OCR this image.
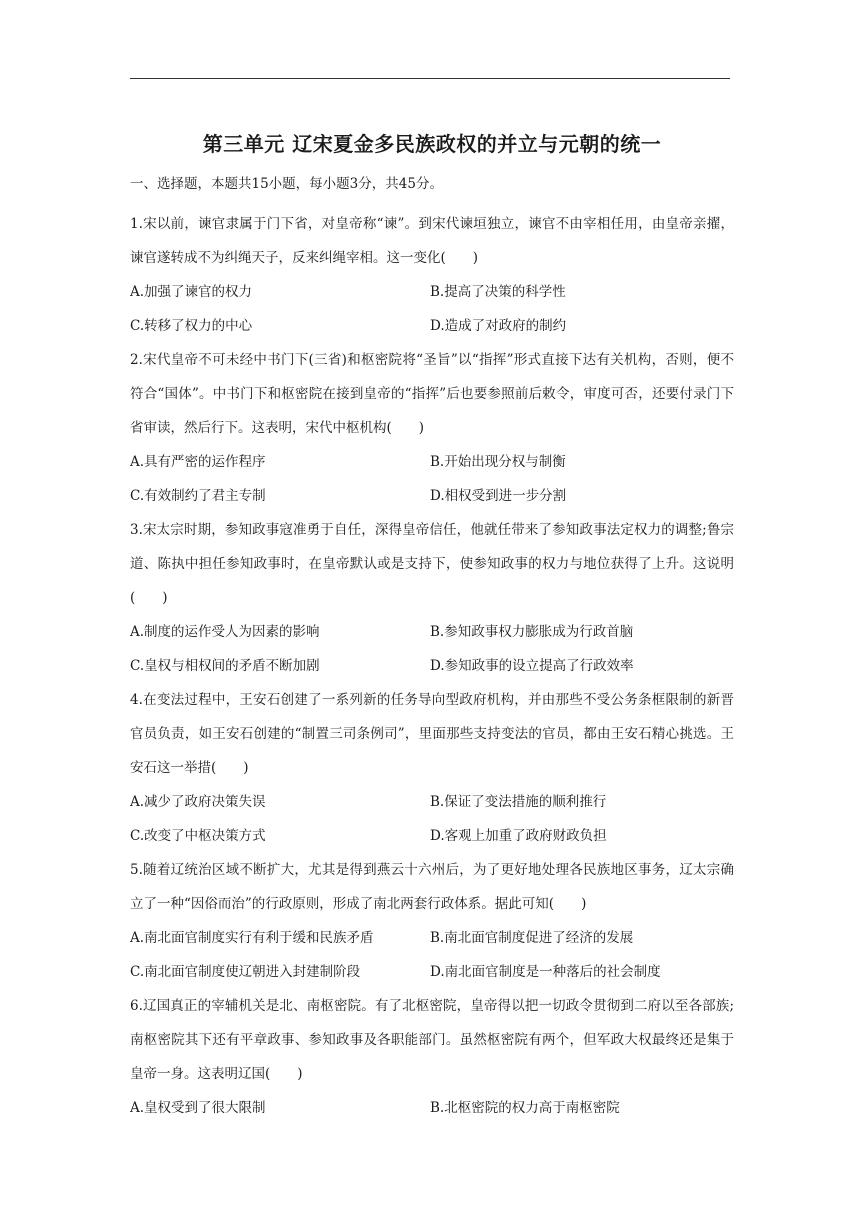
第三单元 辽宋夏金多民族政权的并立与元朝的统一

一、选择题，本题共15小题，每小题3分，共45分。

1.宋以前，谏官隶属于门下省，对皇帝称“谏”。到宋代谏垣独立，谏官不由宰相任用，由皇帝亲擢，谏官遂转成不为纠绳天子，反来纠绳宰相。这一变化(　　)

A.加强了谏官的权力	B.提高了决策的科学性
C.转移了权力的中心	D.造成了对政府的制约

2.宋代皇帝不可未经中书门下(三省)和枢密院将“圣旨”以“指挥”形式直接下达有关机构，否则，便不符合“国体”。中书门下和枢密院在接到皇帝的“指挥”后也要参照前后敕令，审度可否，还要付录门下省审读，然后行下。这表明，宋代中枢机构(　　)

A.具有严密的运作程序	B.开始出现分权与制衡
C.有效制约了君主专制	D.相权受到进一步分割

3.宋太宗时期，参知政事寇准勇于自任，深得皇帝信任，他就任带来了参知政事法定权力的调整;鲁宗道、陈执中担任参知政事时，在皇帝默认或是支持下，使参知政事的权力与地位获得了上升。这说明(　　)

A.制度的运作受人为因素的影响	B.参知政事权力膨胀成为行政首脑
C.皇权与相权间的矛盾不断加剧	D.参知政事的设立提高了行政效率

4.在变法过程中，王安石创建了一系列新的任务导向型政府机构，并由那些不受公务条框限制的新晋官员负责，如王安石创建的“制置三司条例司”，里面那些支持变法的官员，都由王安石精心挑选。王安石这一举措(　　)

A.减少了政府决策失误	B.保证了变法措施的顺利推行
C.改变了中枢决策方式	D.客观上加重了政府财政负担

5.随着辽统治区域不断扩大，尤其是得到燕云十六州后，为了更好地处理各民族地区事务，辽太宗确立了一种“因俗而治”的行政原则，形成了南北两套行政体系。据此可知(　　)

A.南北面官制度实行有利于缓和民族矛盾	B.南北面官制度促进了经济的发展
C.南北面官制度使辽朝进入封建制阶段	D.南北面官制度是一种落后的社会制度

6.辽国真正的宰辅机关是北、南枢密院。有了北枢密院，皇帝得以把一切政令贯彻到二府以至各部族;南枢密院其下还有平章政事、参知政事及各职能部门。虽然枢密院有两个，但军政大权最终还是集于皇帝一身。这表明辽国(　　)

A.皇权受到了很大限制	B.北枢密院的权力高于南枢密院
